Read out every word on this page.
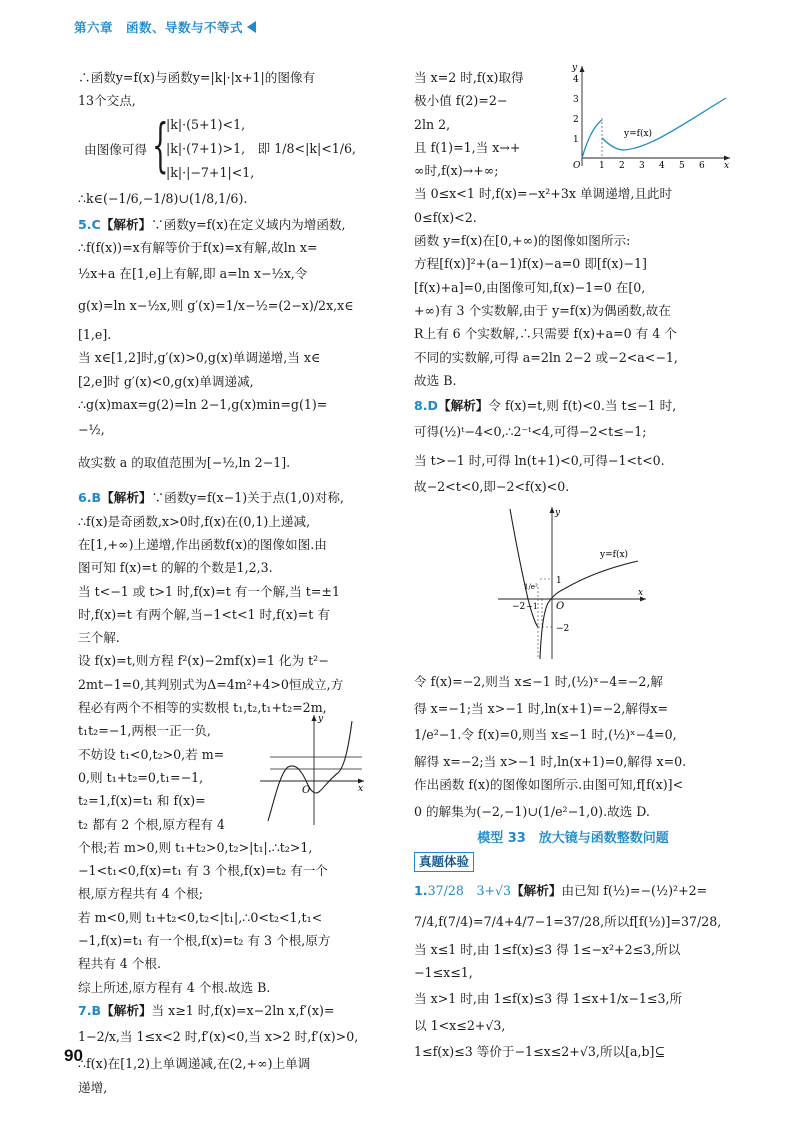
第六章　函数、导数与不等式
∴函数y=f(x)与函数y=|k|·|x+1|的图像有
13个交点,
由图像可得 {
|k|·(5+1)<1,
|k|·(7+1)>1,　即 1/8<|k|<1/6,
|k|·|−7+1|<1,
∴k∈(−1/6,−1/8)∪(1/8,1/6).
5.C【解析】∵函数y=f(x)在定义域内为增函数,
∴f(f(x))=x有解等价于f(x)=x有解,故ln x=
½x+a 在[1,e]上有解,即 a=ln x−½x,令
g(x)=ln x−½x,则 g′(x)=1/x−½=(2−x)/2x,x∈
[1,e].
当 x∈[1,2]时,g′(x)>0,g(x)单调递增,当 x∈
[2,e]时 g′(x)<0,g(x)单调递减,
∴g(x)max=g(2)=ln 2−1,g(x)min=g(1)=
−½,
故实数 a 的取值范围为[−½,ln 2−1].
6.B【解析】∵函数y=f(x−1)关于点(1,0)对称,
∴f(x)是奇函数,x>0时,f(x)在(0,1)上递减,
在[1,+∞)上递增,作出函数f(x)的图像如图.由
图可知 f(x)=t 的解的个数是1,2,3.
当 t<−1 或 t>1 时,f(x)=t 有一个解,当 t=±1
时,f(x)=t 有两个解,当−1<t<1 时,f(x)=t 有
三个解.
设 f(x)=t,则方程 f²(x)−2mf(x)=1 化为 t²−
2mt−1=0,其判别式为Δ=4m²+4>0恒成立,方
程必有两个不相等的实数根 t₁,t₂,t₁+t₂=2m,
t₁t₂=−1,两根一正一负,
不妨设 t₁<0,t₂>0,若 m=
0,则 t₁+t₂=0,t₁=−1,
t₂=1,f(x)=t₁ 和 f(x)=
t₂ 都有 2 个根,原方程有 4
y
x
O
个根;若 m>0,则 t₁+t₂>0,t₂>|t₁|.∴t₂>1,
−1<t₁<0,f(x)=t₁ 有 3 个根,f(x)=t₂ 有一个
根,原方程共有 4 个根;
若 m<0,则 t₁+t₂<0,t₂<|t₁|,∴0<t₂<1,t₁<
−1,f(x)=t₁ 有一个根,f(x)=t₂ 有 3 个根,原方
程共有 4 个根.
综上所述,原方程有 4 个根.故选 B.
7.B【解析】当 x≥1 时,f(x)=x−2ln x,f′(x)=
1−2/x,当 1≤x<2 时,f′(x)<0,当 x>2 时,f′(x)>0,
∴f(x)在[1,2)上单调递减,在(2,+∞)上单调
递增,
当 x=2 时,f(x)取得
极小值 f(2)=2−
2ln 2,
且 f(1)=1,当 x→+
∞时,f(x)→+∞;
y
x
O
y=f(x)
1 2 3 4 5 6
1
2
3
4
当 0≤x<1 时,f(x)=−x²+3x 单调递增,且此时
0≤f(x)<2.
函数 y=f(x)在[0,+∞)的图像如图所示:
方程[f(x)]²+(a−1)f(x)−a=0 即[f(x)−1]
[f(x)+a]=0,由图像可知,f(x)−1=0 在[0,
+∞)有 3 个实数解,由于 y=f(x)为偶函数,故在
R上有 6 个实数解,∴只需要 f(x)+a=0 有 4 个
不同的实数解,可得 a=2ln 2−2 或−2<a<−1,
故选 B.
8.D【解析】令 f(x)=t,则 f(t)<0.当 t≤−1 时,
可得(½)ᵗ−4<0,∴2⁻ᵗ<4,可得−2<t≤−1;
当 t>−1 时,可得 ln(t+1)<0,可得−1<t<0.
故−2<t<0,即−2<f(x)<0.
y
x
O
y=f(x)
−2 −1
1
1/e²
−2
令 f(x)=−2,则当 x≤−1 时,(½)ˣ−4=−2,解
得 x=−1;当 x>−1 时,ln(x+1)=−2,解得x=
1/e²−1.令 f(x)=0,则当 x≤−1 时,(½)ˣ−4=0,
解得 x=−2;当 x>−1 时,ln(x+1)=0,解得 x=0.
作出函数 f(x)的图像如图所示.由图可知,f[f(x)]<
0 的解集为(−2,−1)∪(1/e²−1,0).故选 D.
模型 33　放大镜与函数整数问题
真题体验
1.37/28　3+√3【解析】由已知 f(½)=−(½)²+2=
7/4,f(7/4)=7/4+4/7−1=37/28,所以f[f(½)]=37/28,
当 x≤1 时,由 1≤f(x)≤3 得 1≤−x²+2≤3,所以
−1≤x≤1,
当 x>1 时,由 1≤f(x)≤3 得 1≤x+1/x−1≤3,所
以 1<x≤2+√3,
1≤f(x)≤3 等价于−1≤x≤2+√3,所以[a,b]⊆
90
